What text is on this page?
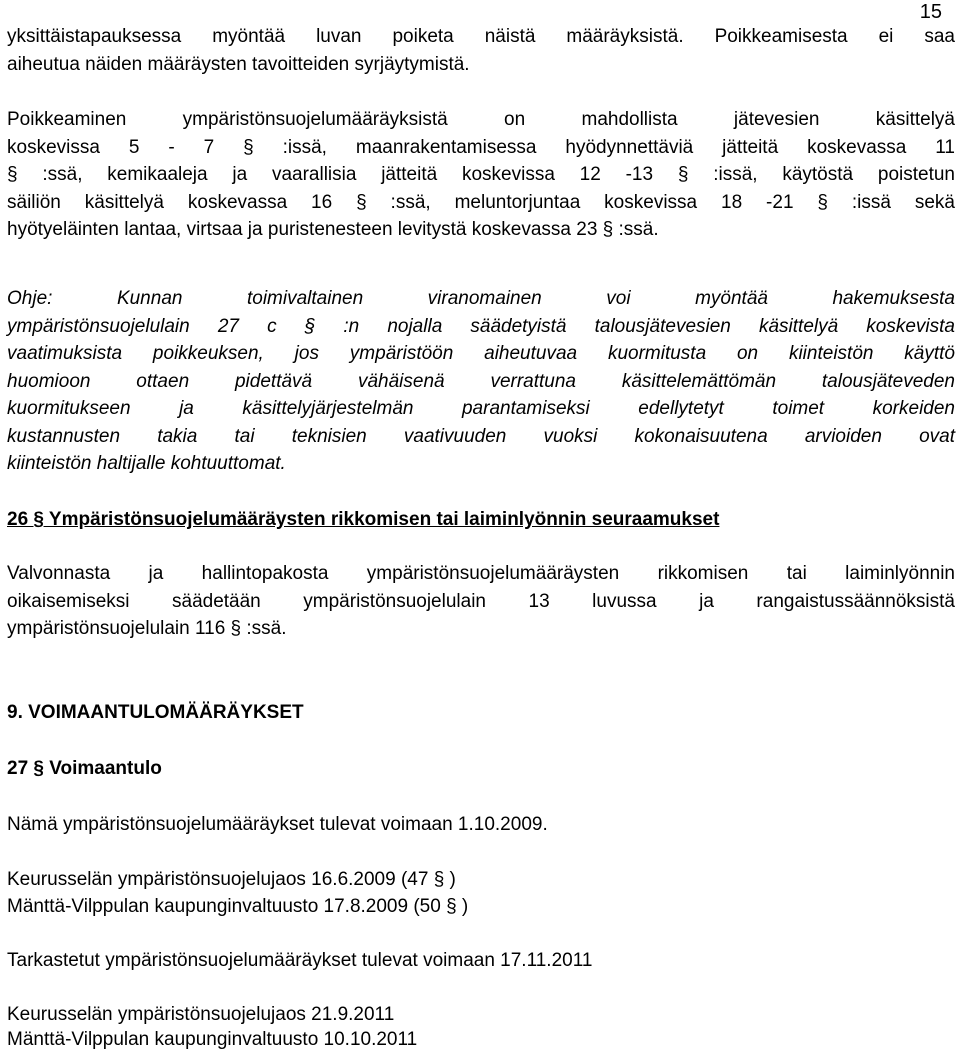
15

yksittäistapauksessa myöntää luvan poiketa näistä määräyksistä. Poikkeamisesta ei saa

aiheutua näiden määräysten tavoitteiden syrjäytymistä.

Poikkeaminen ympäristönsuojelumääräyksistä on mahdollista jätevesien käsittelyä

koskevissa 5 - 7 § :issä, maanrakentamisessa hyödynnettäviä jätteitä koskevassa 11

§ :ssä, kemikaaleja ja vaarallisia jätteitä koskevissa 12 -13 § :issä, käytöstä poistetun

säiliön käsittelyä koskevassa 16 § :ssä, meluntorjuntaa koskevissa 18 -21 § :issä sekä

hyötyeläinten lantaa, virtsaa ja puristenesteen levitystä koskevassa 23 § :ssä.

Ohje: Kunnan toimivaltainen viranomainen voi myöntää hakemuksesta

ympäristönsuojelulain 27 c § :n nojalla säädetyistä talousjätevesien käsittelyä koskevista

vaatimuksista poikkeuksen, jos ympäristöön aiheutuvaa kuormitusta on kiinteistön käyttö

huomioon ottaen pidettävä vähäisenä verrattuna käsittelemättömän talousjäteveden

kuormitukseen ja käsittelyjärjestelmän parantamiseksi edellytetyt toimet korkeiden

kustannusten takia tai teknisien vaativuuden vuoksi kokonaisuutena arvioiden ovat

kiinteistön haltijalle kohtuuttomat.

26 § Ympäristönsuojelumääräysten rikkomisen tai laiminlyönnin seuraamukset

Valvonnasta ja hallintopakosta ympäristönsuojelumääräysten rikkomisen tai laiminlyönnin

oikaisemiseksi säädetään ympäristönsuojelulain 13 luvussa ja rangaistussäännöksistä

ympäristönsuojelulain 116 § :ssä.

9. VOIMAANTULOMÄÄRÄYKSET

27 § Voimaantulo

Nämä ympäristönsuojelumääräykset tulevat voimaan 1.10.2009.

Keurusselän ympäristönsuojelujaos 16.6.2009 (47 § )

Mänttä-Vilppulan kaupunginvaltuusto 17.8.2009 (50 § )

Tarkastetut ympäristönsuojelumääräykset tulevat voimaan 17.11.2011

Keurusselän ympäristönsuojelujaos 21.9.2011

Mänttä-Vilppulan kaupunginvaltuusto 10.10.2011
